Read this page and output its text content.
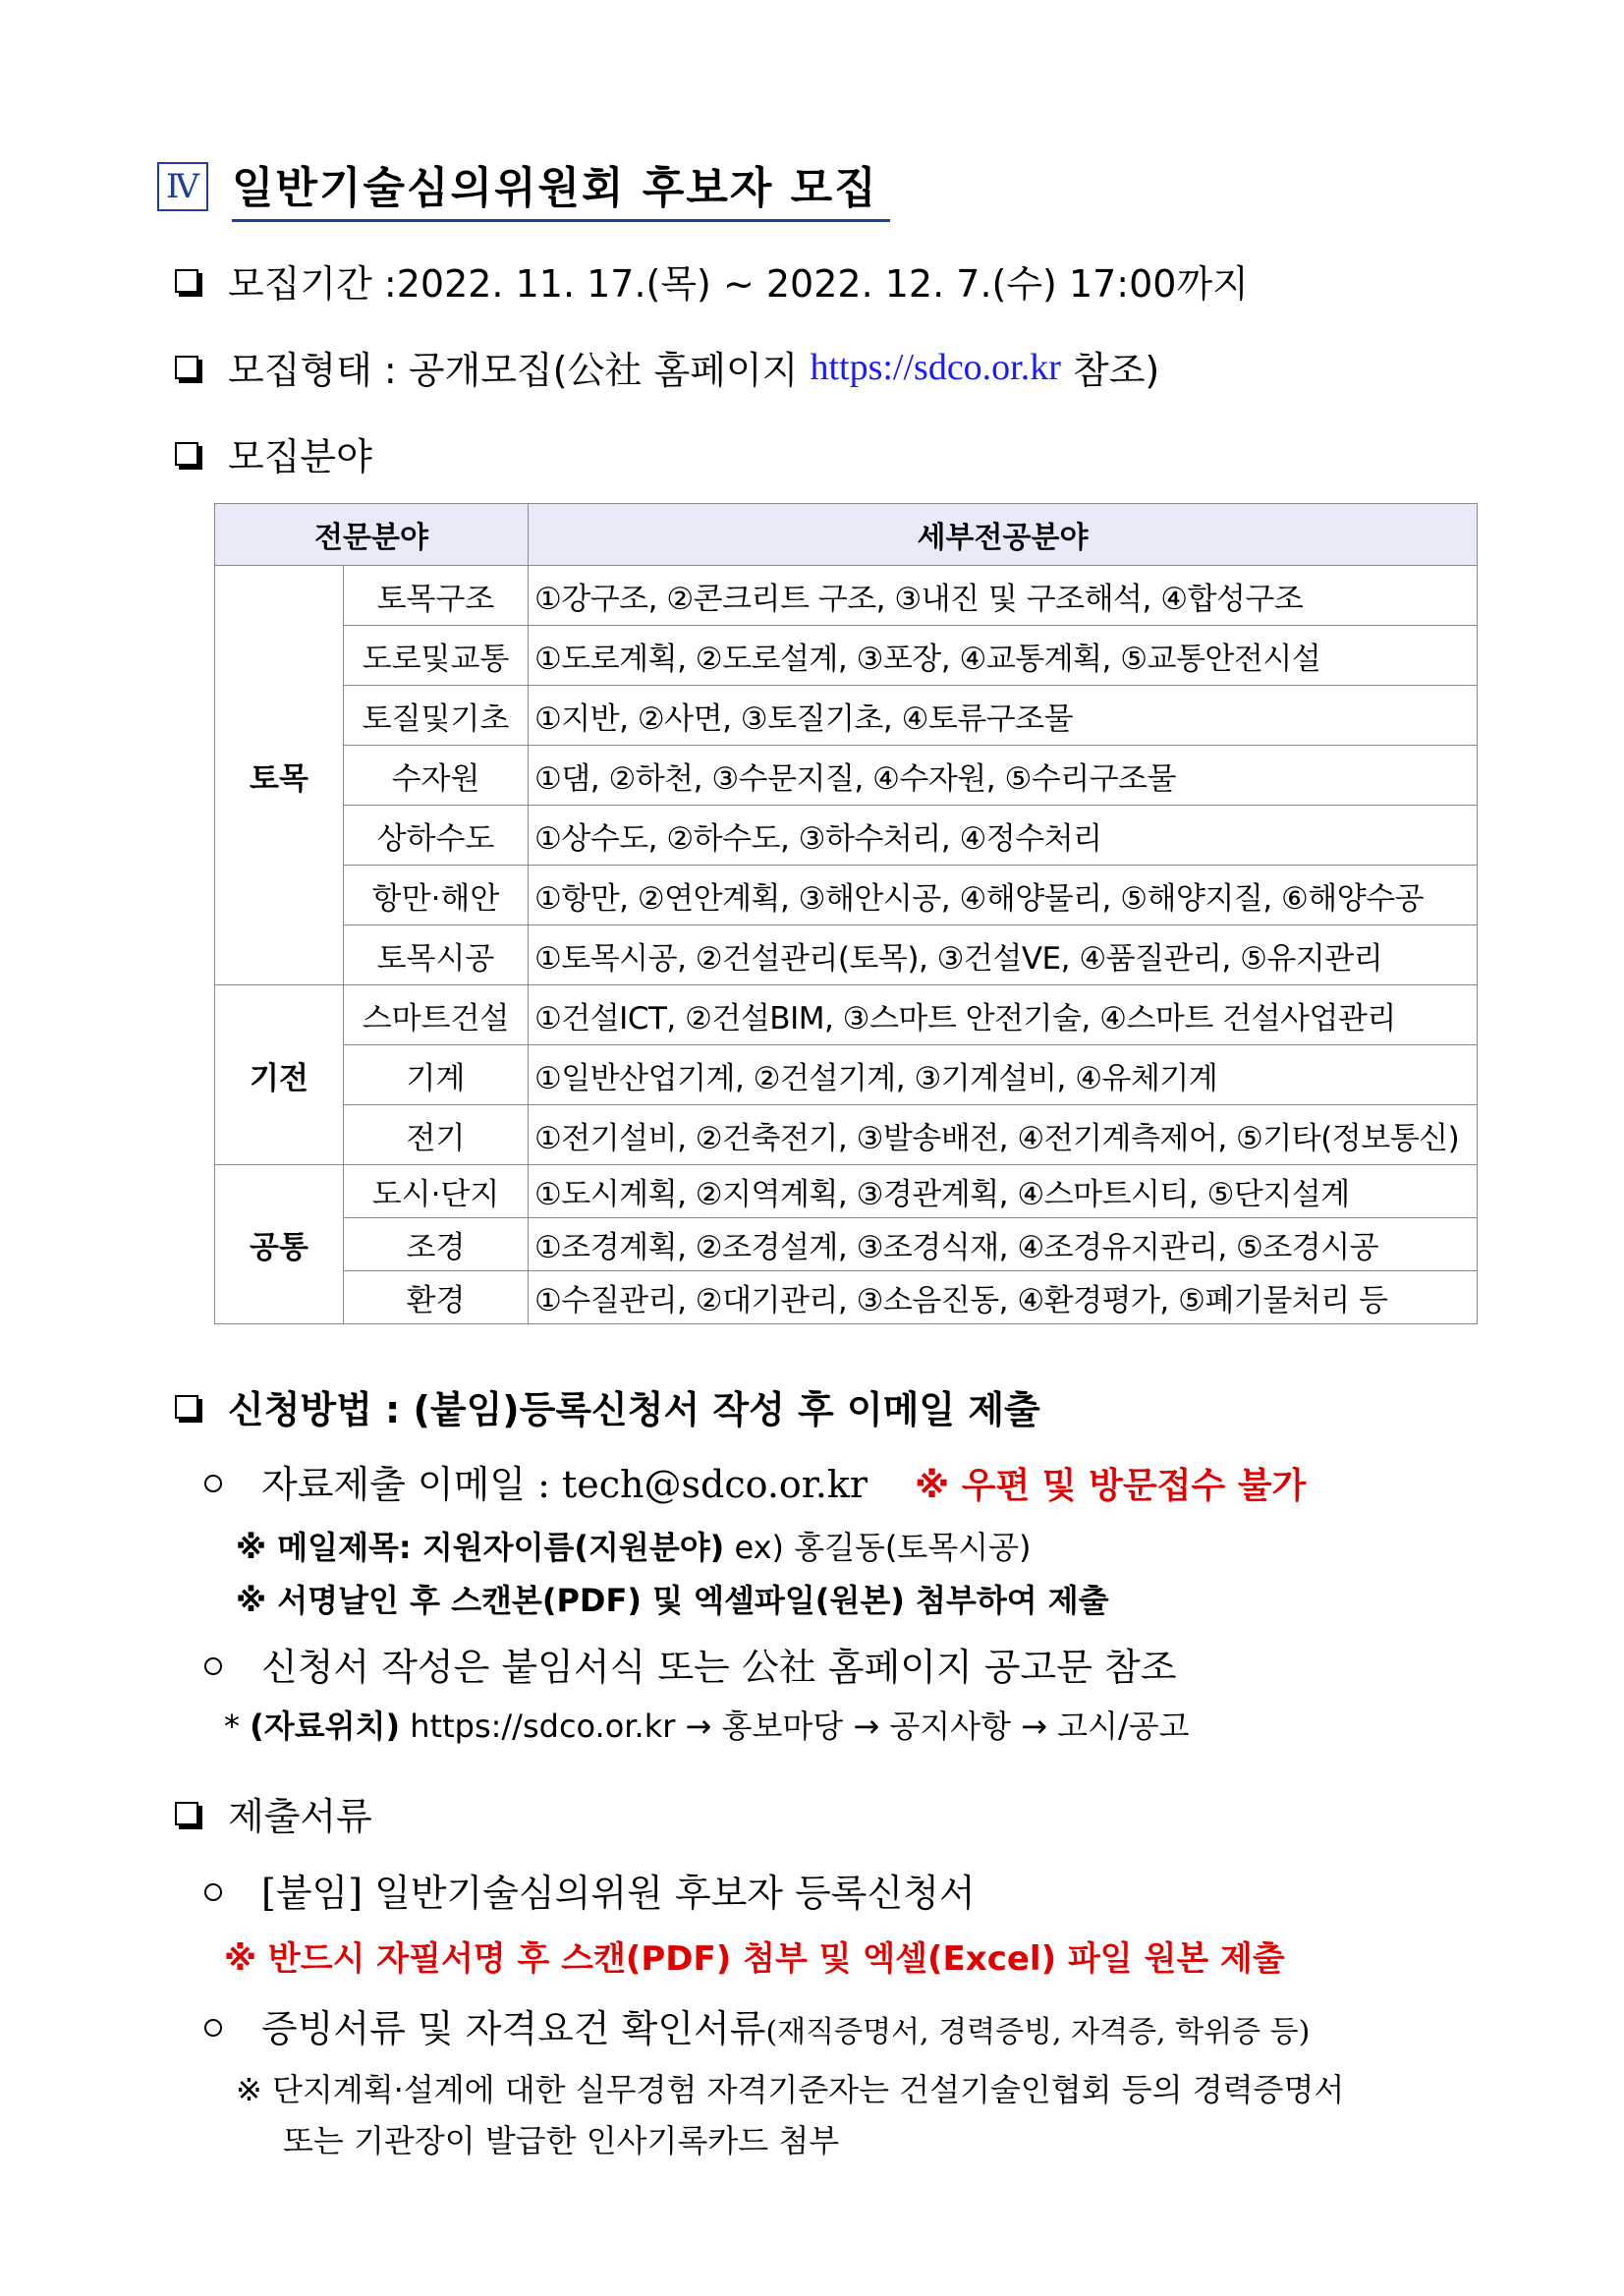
Ⅳ 일반기술심의위원회 후보자 모집
모집기간 : 2022. 11. 17.(목) ~ 2022. 12. 7.(수) 17:00까지
모집형태 : 공개모집(公社 홈페이지 https://sdco.or.kr 참조)
모집분야
전문분야		세부전공분야
토목	토목구조	①강구조, ②콘크리트 구조, ③내진 및 구조해석, ④합성구조
	도로및교통	①도로계획, ②도로설계, ③포장, ④교통계획, ⑤교통안전시설
	토질및기초	①지반, ②사면, ③토질기초, ④토류구조물
	수자원	①댐, ②하천, ③수문지질, ④수자원, ⑤수리구조물
	상하수도	①상수도, ②하수도, ③하수처리, ④정수처리
	항만·해안	①항만, ②연안계획, ③해안시공, ④해양물리, ⑤해양지질, ⑥해양수공
	토목시공	①토목시공, ②건설관리(토목), ③건설VE, ④품질관리, ⑤유지관리
기전	스마트건설	①건설ICT, ②건설BIM, ③스마트 안전기술, ④스마트 건설사업관리
	기계	①일반산업기계, ②건설기계, ③기계설비, ④유체기계
	전기	①전기설비, ②건축전기, ③발송배전, ④전기계측제어, ⑤기타(정보통신)
공통	도시·단지	①도시계획, ②지역계획, ③경관계획, ④스마트시티, ⑤단지설계
	조경	①조경계획, ②조경설계, ③조경식재, ④조경유지관리, ⑤조경시공
	환경	①수질관리, ②대기관리, ③소음진동, ④환경평가, ⑤폐기물처리 등
신청방법 : (붙임)등록신청서 작성 후 이메일 제출
자료제출 이메일 : tech@sdco.or.kr ※ 우편 및 방문접수 불가
※ 메일제목: 지원자이름(지원분야) ex) 홍길동(토목시공)
※ 서명날인 후 스캔본(PDF) 및 엑셀파일(원본) 첨부하여 제출
신청서 작성은 붙임서식 또는 公社 홈페이지 공고문 참조
* (자료위치) https://sdco.or.kr → 홍보마당 → 공지사항 → 고시/공고
제출서류
[붙임] 일반기술심의위원 후보자 등록신청서
※ 반드시 자필서명 후 스캔(PDF) 첨부 및 엑셀(Excel) 파일 원본 제출
증빙서류 및 자격요건 확인서류(재직증명서, 경력증빙, 자격증, 학위증 등)
※ 단지계획·설계에 대한 실무경험 자격기준자는 건설기술인협회 등의 경력증명서
또는 기관장이 발급한 인사기록카드 첨부
